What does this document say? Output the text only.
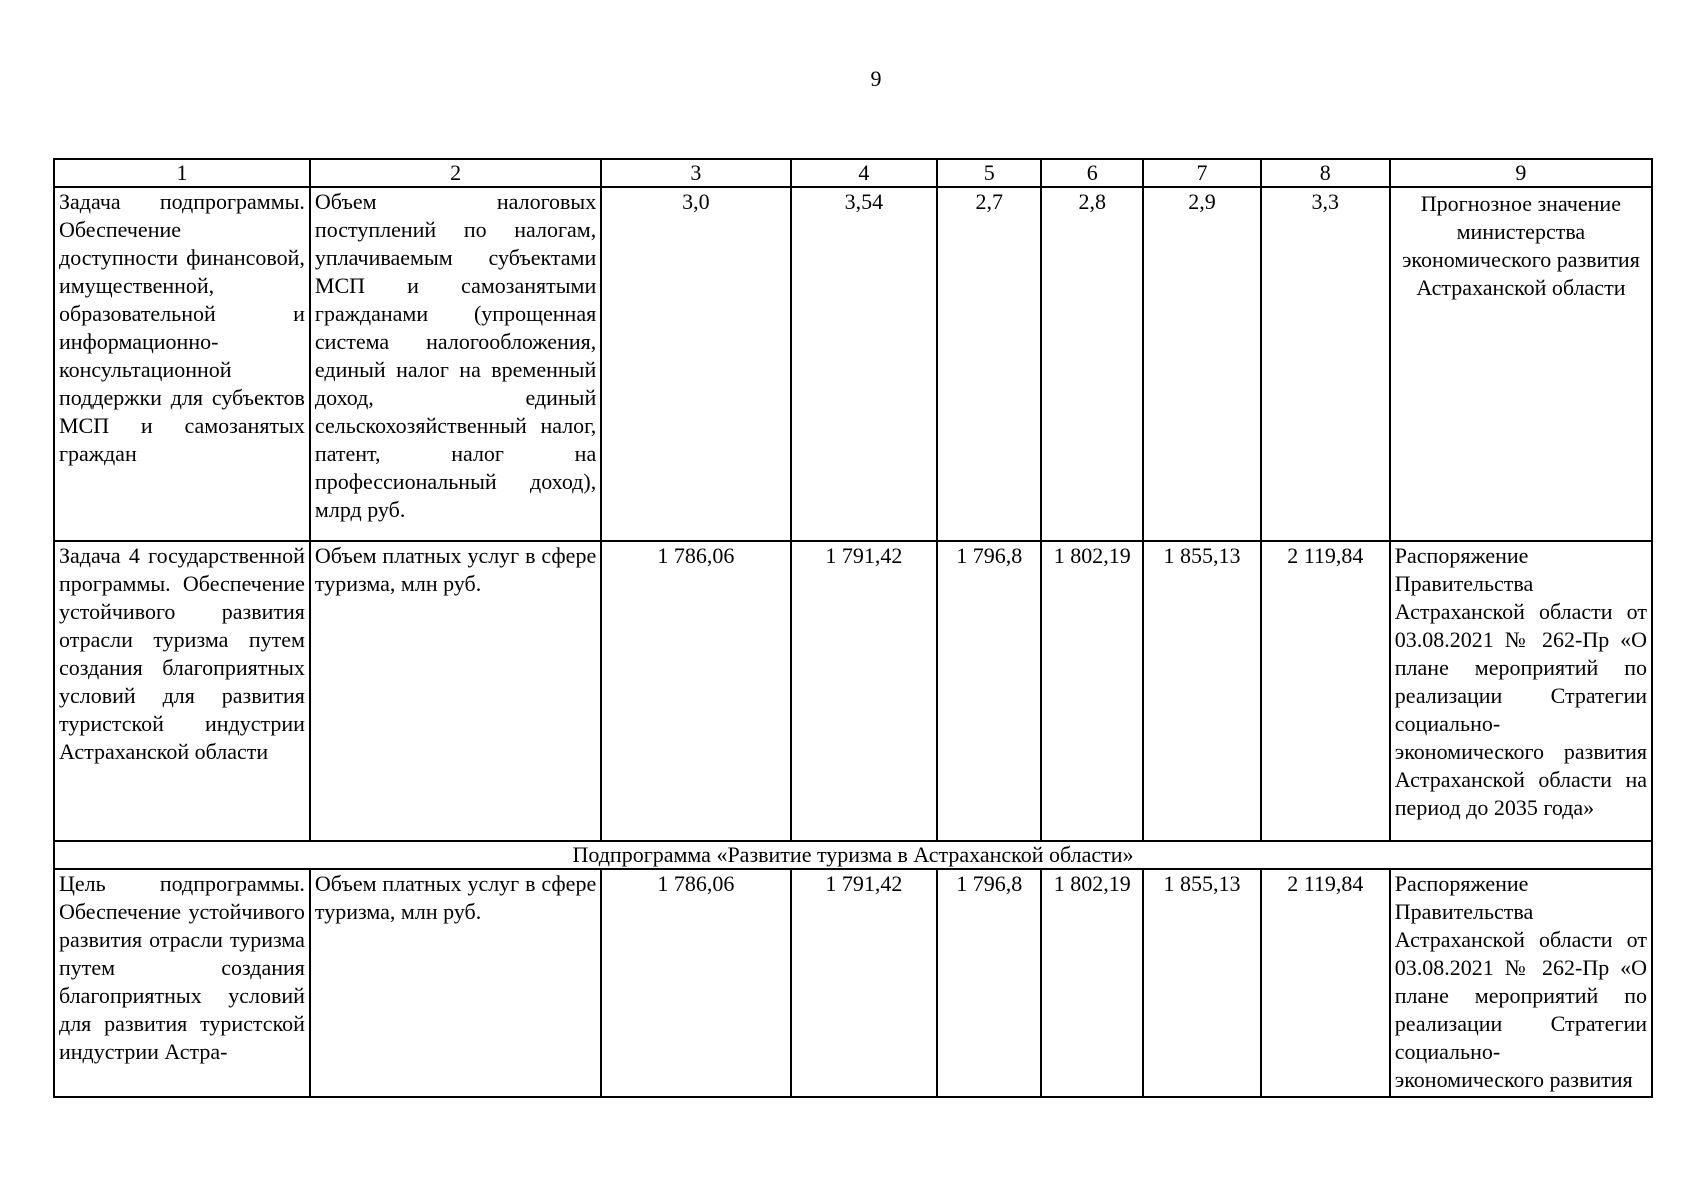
9
1	2	3	4	5	6	7	8	9
Задача подпрограммы. Обеспечение доступности финансовой, имущественной, образовательной и информационно-консультационной поддержки для субъектов МСП и самозанятых граждан	Объем налоговых поступлений по налогам, уплачиваемым субъектами МСП и самозанятыми гражданами (упрощенная система налогообложения, единый налог на временный доход, единый сельскохозяйственный налог, патент, налог на профессиональный доход), млрд руб.	3,0	3,54	2,7	2,8	2,9	3,3	Прогнозное значение министерства экономического развития Астраханской области
Задача 4 государственной программы. Обеспечение устойчивого развития отрасли туризма путем создания благоприятных условий для развития туристской индустрии Астраханской области	Объем платных услуг в сфере туризма, млн руб.	1 786,06	1 791,42	1 796,8	1 802,19	1 855,13	2 119,84	Распоряжение Правительства Астраханской области от 03.08.2021 № 262-Пр «О плане мероприятий по реализации Стратегии социально-экономического развития Астраханской области на период до 2035 года»
Подпрограмма «Развитие туризма в Астраханской области»								
Цель подпрограммы. Обеспечение устойчивого развития отрасли туризма путем создания благоприятных условий для развития туристской индустрии Астра-	Объем платных услуг в сфере туризма, млн руб.	1 786,06	1 791,42	1 796,8	1 802,19	1 855,13	2 119,84	Распоряжение Правительства Астраханской области от 03.08.2021 № 262-Пр «О плане мероприятий по реализации Стратегии социально-экономического развития
